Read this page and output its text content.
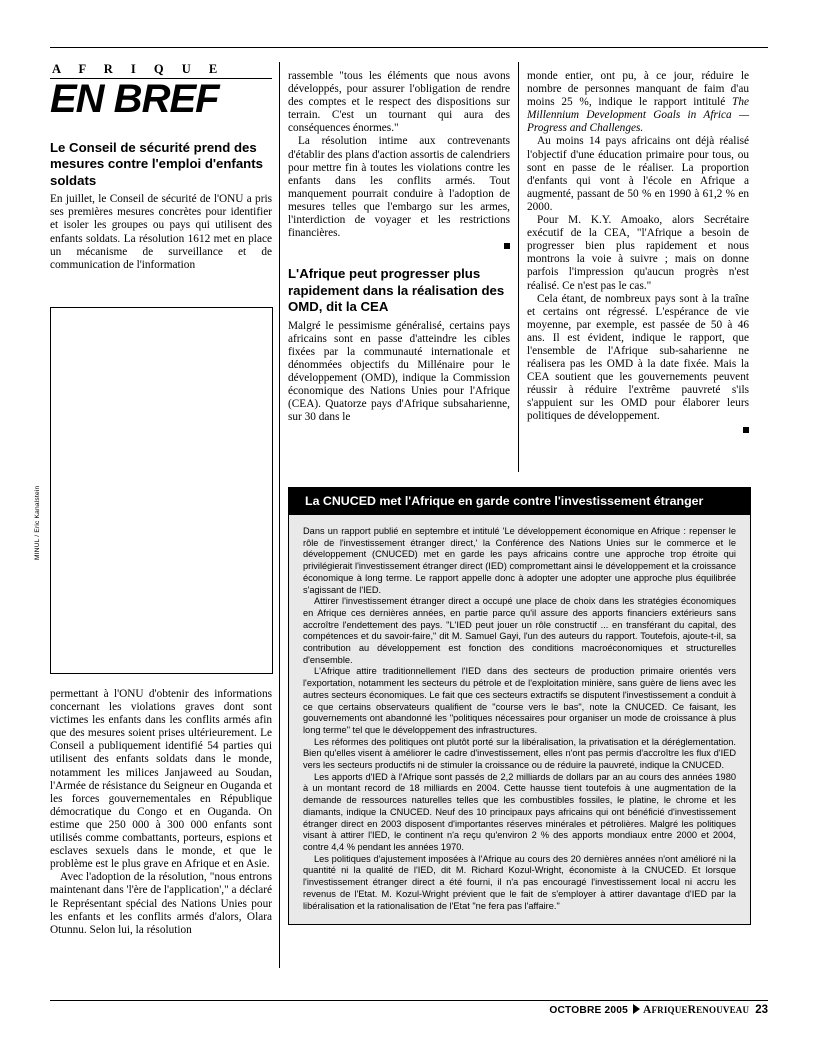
A F R I Q U E
EN BREF
Le Conseil de sécurité prend des mesures contre l'emploi d'enfants soldats

En juillet, le Conseil de sécurité de l'ONU a pris ses premières mesures concrètes pour identifier et isoler les groupes ou pays qui utilisent des enfants soldats. La résolution 1612 met en place un mécanisme de surveillance et de communication de l'information

MINUL / Eric Kanalstein

permettant à l'ONU d'obtenir des informations concernant les violations graves dont sont victimes les enfants dans les conflits armés afin que des mesures soient prises ultérieurement. Le Conseil a publiquement identifié 54 parties qui utilisent des enfants soldats dans le monde, notamment les milices Janjaweed au Soudan, l'Armée de résistance du Seigneur en Ouganda et les forces gouvernementales en République démocratique du Congo et en Ouganda. On estime que 250 000 à 300 000 enfants sont utilisés comme combattants, porteurs, espions et esclaves sexuels dans le monde, et que le problème est le plus grave en Afrique et en Asie.

Avec l'adoption de la résolution, "nous entrons maintenant dans 'l'ère de l'application'," a déclaré le Représentant spécial des Nations Unies pour les enfants et les conflits armés d'alors, Olara Otunnu. Selon lui, la résolution

rassemble "tous les éléments que nous avons développés, pour assurer l'obligation de rendre des comptes et le respect des dispositions sur terrain. C'est un tournant qui aura des conséquences énormes."

La résolution intime aux contrevenants d'établir des plans d'action assortis de calendriers pour mettre fin à toutes les violations contre les enfants dans les conflits armés. Tout manquement pourrait conduire à l'adoption de mesures telles que l'embargo sur les armes, l'interdiction de voyager et les restrictions financières.

L'Afrique peut progresser plus rapidement dans la réalisation des OMD, dit la CEA

Malgré le pessimisme généralisé, certains pays africains sont en passe d'atteindre les cibles fixées par la communauté internationale et dénommées objectifs du Millénaire pour le développement (OMD), indique la Commission économique des Nations Unies pour l'Afrique (CEA). Quatorze pays d'Afrique subsaharienne, sur 30 dans le

monde entier, ont pu, à ce jour, réduire le nombre de personnes manquant de faim d'au moins 25 %, indique le rapport intitulé The Millennium Development Goals in Africa — Progress and Challenges.

Au moins 14 pays africains ont déjà réalisé l'objectif d'une éducation primaire pour tous, ou sont en passe de le réaliser. La proportion d'enfants qui vont à l'école en Afrique a augmenté, passant de 50 % en 1990 à 61,2 % en 2000.

Pour M. K.Y. Amoako, alors Secrétaire exécutif de la CEA, "l'Afrique a besoin de progresser bien plus rapidement et nous montrons la voie à suivre ; mais on donne parfois l'impression qu'aucun progrès n'est réalisé. Ce n'est pas le cas."

Cela étant, de nombreux pays sont à la traîne et certains ont régressé. L'espérance de vie moyenne, par exemple, est passée de 50 à 46 ans. Il est évident, indique le rapport, que l'ensemble de l'Afrique sub-saharienne ne réalisera pas les OMD à la date fixée. Mais la CEA soutient que les gouvernements peuvent réussir à réduire l'extrême pauvreté s'ils s'appuient sur les OMD pour élaborer leurs politiques de développement.

La CNUCED met l'Afrique en garde contre l'investissement étranger

Dans un rapport publié en septembre et intitulé 'Le développement économique en Afrique : repenser le rôle de l'investissement étranger direct,' la Conférence des Nations Unies sur le commerce et le développement (CNUCED) met en garde les pays africains contre une approche trop étroite qui privilégierait l'investissement étranger direct (IED) compromettant ainsi le développement et la croissance économique à long terme. Le rapport appelle donc à adopter une adopter une approche plus équilibrée s'agissant de l'IED.

Attirer l'investissement étranger direct a occupé une place de choix dans les stratégies économiques en Afrique ces dernières années, en partie parce qu'il assure des apports financiers extérieurs sans accroître l'endettement des pays. "L'IED peut jouer un rôle constructif ... en transférant du capital, des compétences et du savoir-faire," dit M. Samuel Gayi, l'un des auteurs du rapport. Toutefois, ajoute-t-il, sa contribution au développement est fonction des conditions macroéconomiques et structurelles d'ensemble.

L'Afrique attire traditionnellement l'IED dans des secteurs de production primaire orientés vers l'exportation, notamment les secteurs du pétrole et de l'exploitation minière, sans guère de liens avec les autres secteurs économiques. Le fait que ces secteurs extractifs se disputent l'investissement a conduit à ce que certains observateurs qualifient de "course vers le bas", note la CNUCED. Ce faisant, les gouvernements ont abandonné les "politiques nécessaires pour organiser un mode de croissance à plus long terme" tel que le développement des infrastructures.

Les réformes des politiques ont plutôt porté sur la libéralisation, la privatisation et la déréglementation. Bien qu'elles visent à améliorer le cadre d'investissement, elles n'ont pas permis d'accroître les flux d'IED vers les secteurs productifs ni de stimuler la croissance ou de réduire la pauvreté, indique la CNUCED.

Les apports d'IED à l'Afrique sont passés de 2,2 milliards de dollars par an au cours des années 1980 à un montant record de 18 milliards en 2004. Cette hausse tient toutefois à une augmentation de la demande de ressources naturelles telles que les combustibles fossiles, le platine, le chrome et les diamants, indique la CNUCED. Neuf des 10 principaux pays africains qui ont bénéficié d'investissement étranger direct en 2003 disposent d'importantes réserves minérales et pétrolières. Malgré les politiques visant à attirer l'IED, le continent n'a reçu qu'environ 2 % des apports mondiaux entre 2000 et 2004, contre 4,4 % pendant les années 1970.

Les politiques d'ajustement imposées à l'Afrique au cours des 20 dernières années n'ont amélioré ni la quantité ni la qualité de l'IED, dit M. Richard Kozul-Wright, économiste à la CNUCED. Et lorsque l'investissement étranger direct a été fourni, il n'a pas encouragé l'investissement local ni accru les revenus de l'Etat. M. Kozul-Wright prévient que le fait de s'employer à attirer davantage d'IED par la libéralisation et la rationalisation de l'Etat "ne fera pas l'affaire."

OCTOBRE 2005 AFRIQUERENOUVEAU 23
